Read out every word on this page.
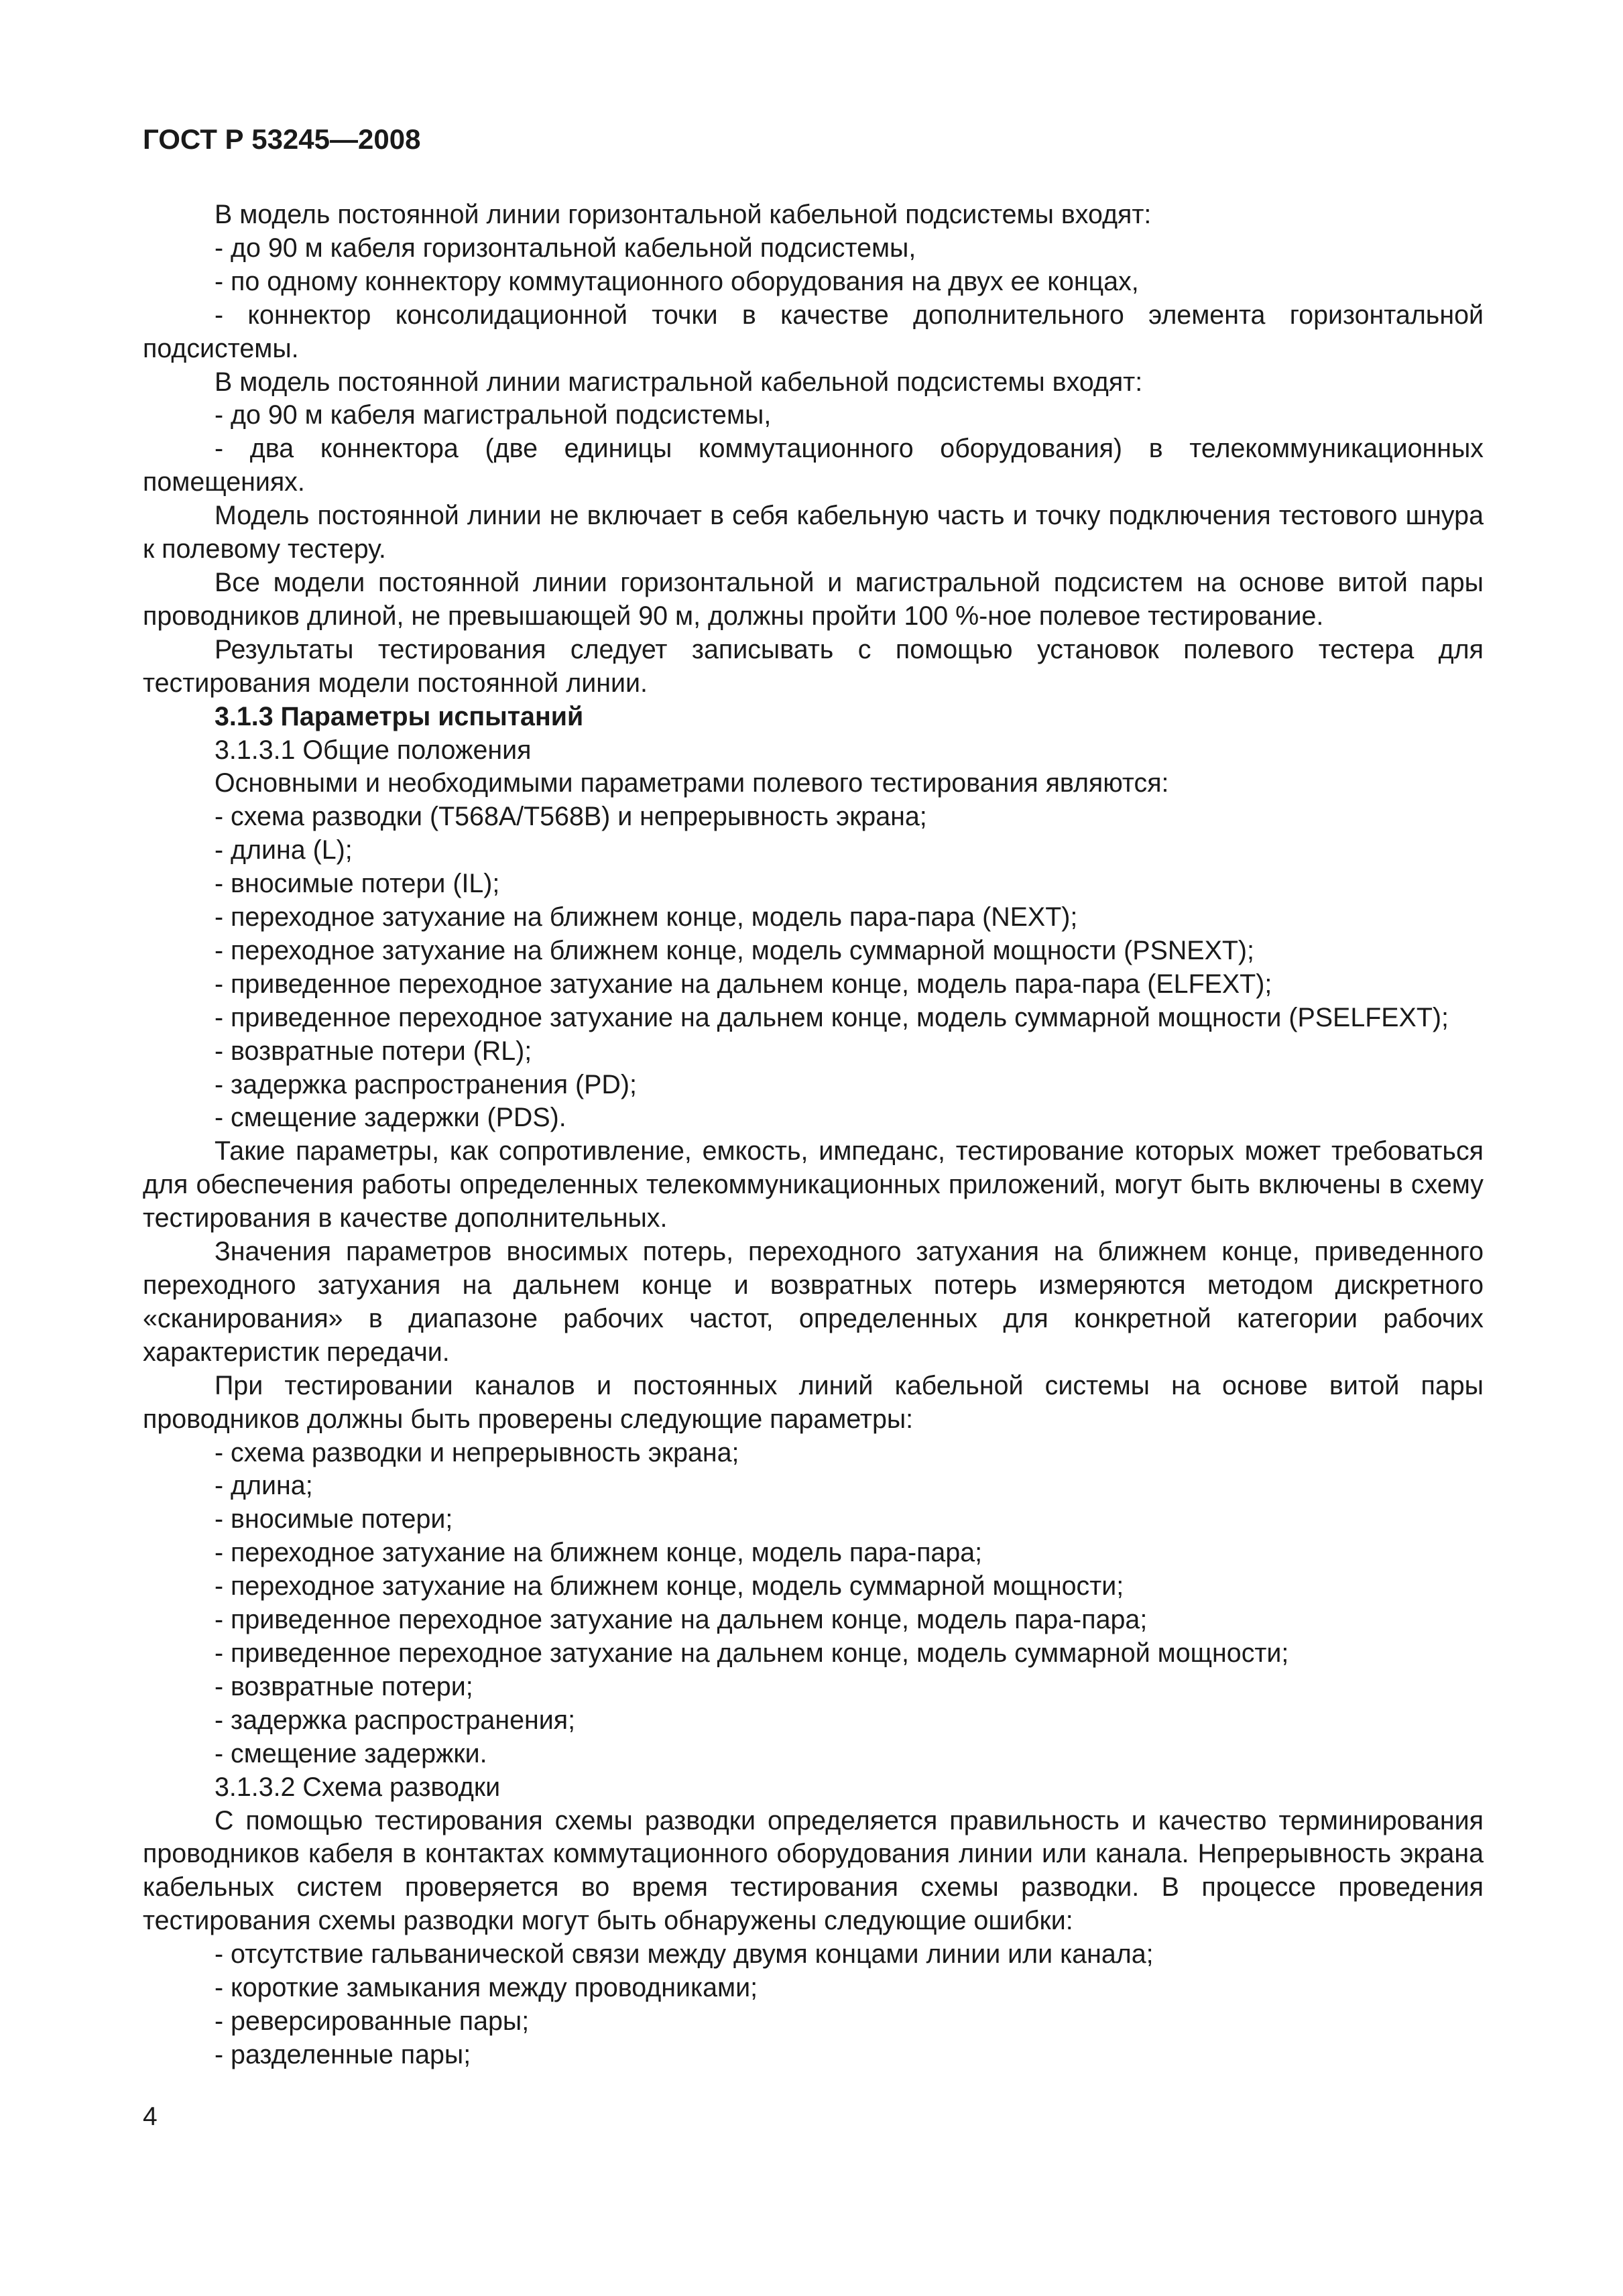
ГОСТ Р 53245—2008

В модель постоянной линии горизонтальной кабельной подсистемы входят:

- до 90 м кабеля горизонтальной кабельной подсистемы,

- по одному коннектору коммутационного оборудования на двух ее концах,

- коннектор консолидационной точки в качестве дополнительного элемента горизонтальной подсистемы.

В модель постоянной линии магистральной кабельной подсистемы входят:

- до 90 м кабеля магистральной подсистемы,

- два коннектора (две единицы коммутационного оборудования) в телекоммуникационных помещениях.

Модель постоянной линии не включает в себя кабельную часть и точку подключения тестового шнура к полевому тестеру.

Все модели постоянной линии горизонтальной и магистральной подсистем на основе витой пары проводников длиной, не превышающей 90 м, должны пройти 100 %-ное полевое тестирование.

Результаты тестирования следует записывать с помощью установок полевого тестера для тестирования модели постоянной линии.

3.1.3 Параметры испытаний

3.1.3.1 Общие положения

Основными и необходимыми параметрами полевого тестирования являются:

- схема разводки (Т568А/Т568В) и непрерывность экрана;

- длина (L);

- вносимые потери (IL);

- переходное затухание на ближнем конце, модель пара-пара (NEXT);

- переходное затухание на ближнем конце, модель суммарной мощности (PSNEXT);

- приведенное переходное затухание на дальнем конце, модель пара-пара (ELFEXT);

- приведенное переходное затухание на дальнем конце, модель суммарной мощности (PSELFEXT);

- возвратные потери (RL);

- задержка распространения (PD);

- смещение задержки (PDS).

Такие параметры, как сопротивление, емкость, импеданс, тестирование которых может требоваться для обеспечения работы определенных телекоммуникационных приложений, могут быть включены в схему тестирования в качестве дополнительных.

Значения параметров вносимых потерь, переходного затухания на ближнем конце, приведенного переходного затухания на дальнем конце и возвратных потерь измеряются методом дискретного «сканирования» в диапазоне рабочих частот, определенных для конкретной категории рабочих характеристик передачи.

При тестировании каналов и постоянных линий кабельной системы на основе витой пары проводников должны быть проверены следующие параметры:

- схема разводки и непрерывность экрана;

- длина;

- вносимые потери;

- переходное затухание на ближнем конце, модель пара-пара;

- переходное затухание на ближнем конце, модель суммарной мощности;

- приведенное переходное затухание на дальнем конце, модель пара-пара;

- приведенное переходное затухание на дальнем конце, модель суммарной мощности;

- возвратные потери;

- задержка распространения;

- смещение задержки.

3.1.3.2 Схема разводки

С помощью тестирования схемы разводки определяется правильность и качество терминирования проводников кабеля в контактах коммутационного оборудования линии или канала. Непрерывность экрана кабельных систем проверяется во время тестирования схемы разводки. В процессе проведения тестирования схемы разводки могут быть обнаружены следующие ошибки:

- отсутствие гальванической связи между двумя концами линии или канала;

- короткие замыкания между проводниками;

- реверсированные пары;

- разделенные пары;

4
